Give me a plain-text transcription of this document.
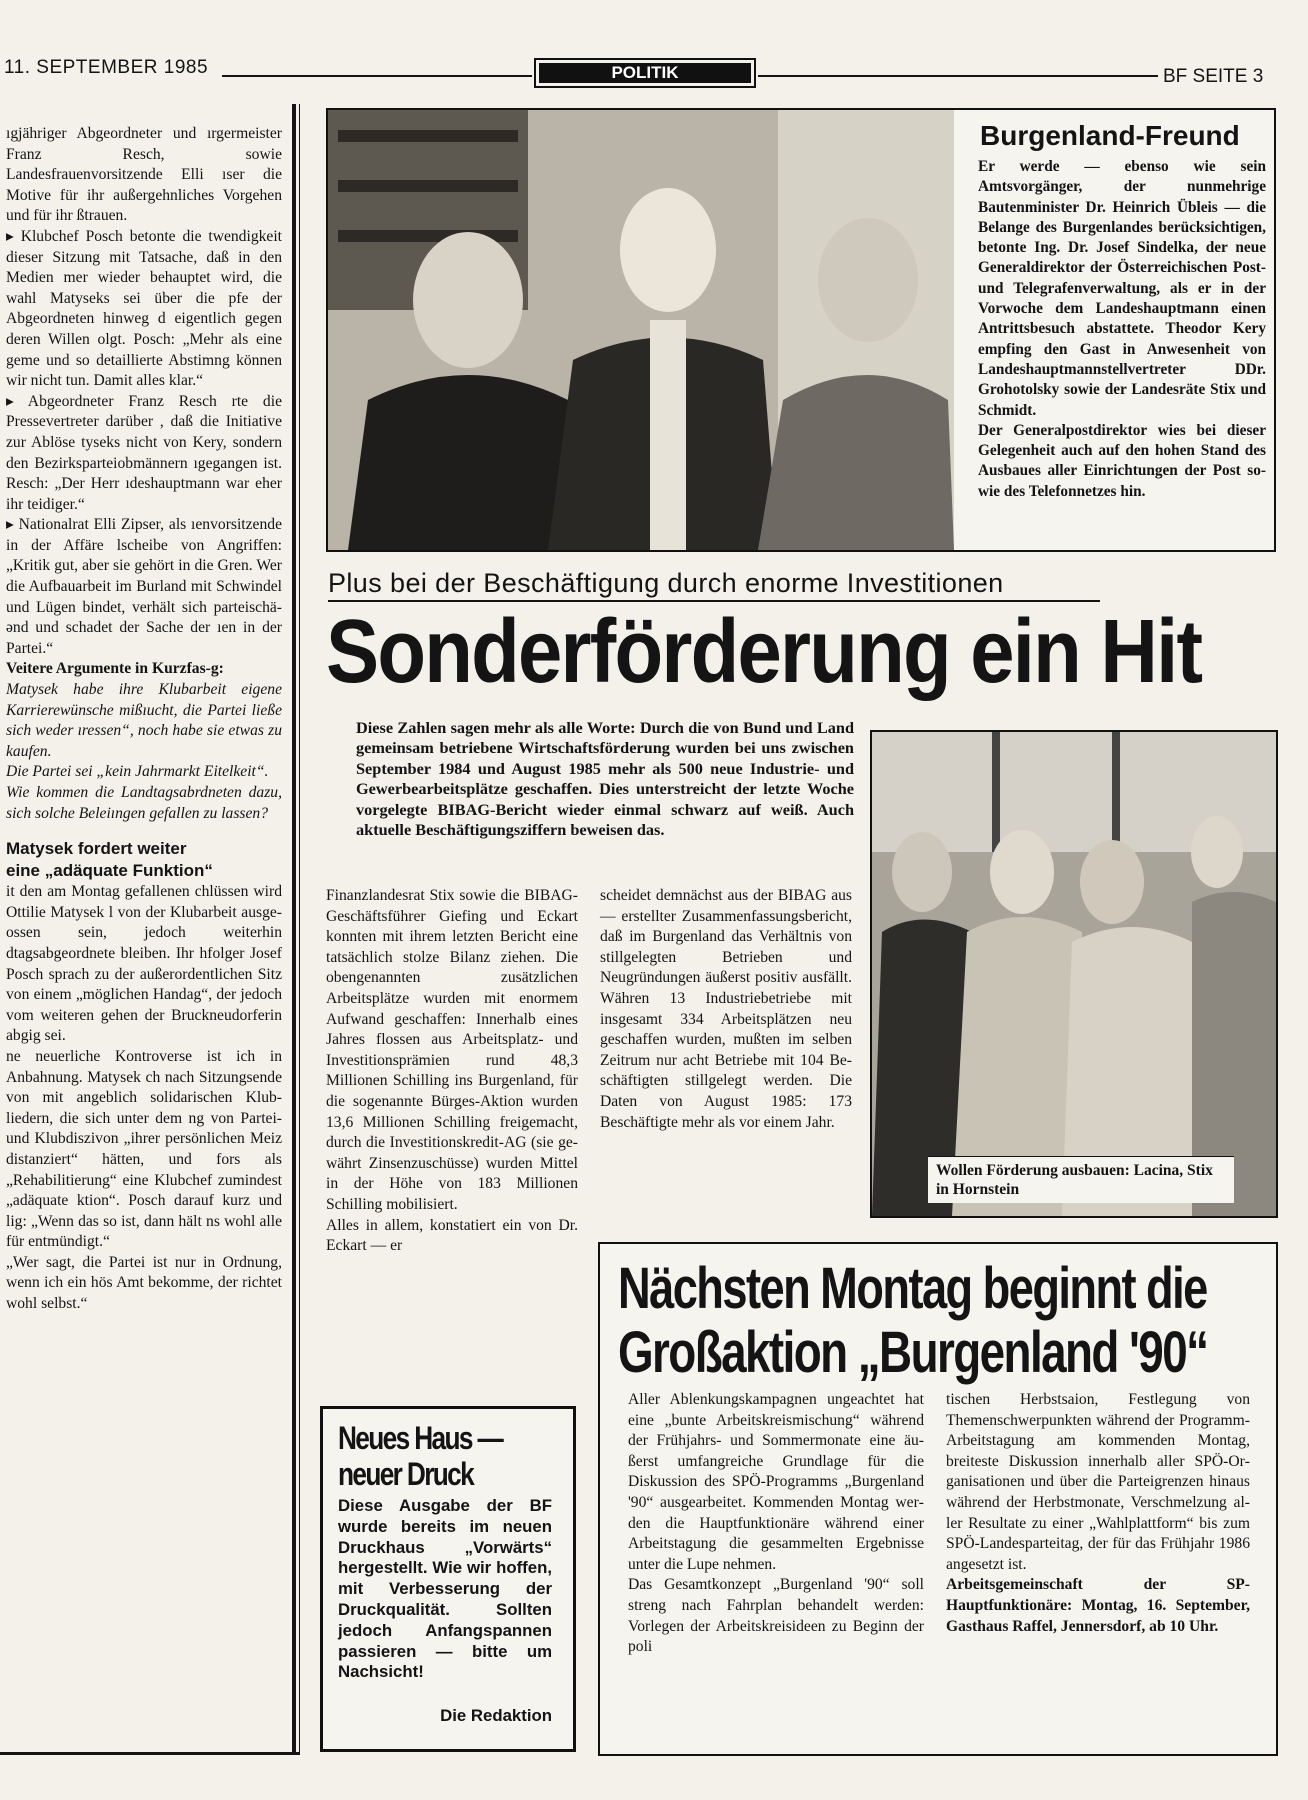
11. SEPTEMBER 1985	POLITIK	BF SEITE 3

ıgjähriger Abgeordneter und ırgermeister Franz Resch, sowie Landesfrauenvorsitzende Elli ıser die Motive für ihr außergehnliches Vorgehen und für ihr ßtrauen.

▸ Klubchef Posch betonte die twendigkeit dieser Sitzung mit Tatsache, daß in den Medien mer wieder behauptet wird, die wahl Matyseks sei über die pfe der Abgeordneten hinweg d eigentlich gegen deren Willen olgt. Posch: „Mehr als eine geme und so detaillierte Abstimng können wir nicht tun. Damit alles klar.“

▸ Abgeordneter Franz Resch rte die Pressevertreter darüber , daß die Initiative zur Ablöse tyseks nicht von Kery, sondern den Bezirksparteiobmännern ıgegangen ist. Resch: „Der Herr ıdeshauptmann war eher ihr teidiger.“

▸ Nationalrat Elli Zipser, als ıenvorsitzende in der Affäre lscheibe von Angriffen: „Kritik gut, aber sie gehört in die Gren. Wer die Aufbauarbeit im Burland mit Schwindel und Lügen bindet, verhält sich parteischäǝnd und schadet der Sache der ıen in der Partei.“

Veitere Argumente in Kurzfas-g:

Matysek habe ihre Klubarbeit eigene Karrierewünsche mißıucht, die Partei ließe sich weder ıressen“, noch habe sie etwas zu kaufen.

Die Partei sei „kein Jahrmarkt Eitelkeit“.

Wie kommen die Landtagsabrdneten dazu, sich solche Beleiıngen gefallen zu lassen?

Matysek fordert weiter

eine „adäquate Funktion“

it den am Montag gefallenen chlüssen wird Ottilie Matysek l von der Klubarbeit ausgeossen sein, jedoch weiterhin dtagsabgeordnete bleiben. Ihr hfolger Josef Posch sprach zu der außerordentlichen Sitz von einem „möglichen Handag“, der jedoch vom weiteren gehen der Bruckneudorferin abgig sei.

ne neuerliche Kontroverse ist ich in Anbahnung. Matysek ch nach Sitzungsende von mit angeblich solidarischen Klubliedern, die sich unter dem ng von Partei- und Klubdiszivon „ihrer persönlichen Meiz distanziert“ hätten, und fors als „Rehabilitierung“ eine Klubchef zumindest „adäquate ktion“. Posch darauf kurz und lig: „Wenn das so ist, dann hält ns wohl alle für entmündigt.“

„Wer sagt, die Partei ist nur in Ordnung, wenn ich ein hös Amt bekomme, der richtet wohl selbst.“

Burgenland-Freund

Er werde — ebenso wie sein Amtsvorgänger, der nunmehrige Bautenminister Dr. Heinrich Übleis — die Belange des Burgenlandes berücksichtigen, betonte Ing. Dr. Josef Sindelka, der neue Generaldirektor der Österreichischen Post- und Telegrafenverwaltung, als er in der Vorwoche dem Landeshauptmann einen Antrittsbesuch abstattete. Theodor Kery empfing den Gast in Anwesenheit von Landeshauptmannstellvertreter DDr. Grohotolsky sowie der Landesräte Stix und Schmidt.

Der Generalpostdirektor wies bei dieser Gelegenheit auch auf den hohen Stand des Ausbaues aller Einrichtungen der Post sowie des Telefonnetzes hin.

Plus bei der Beschäftigung durch enorme Investitionen
Sonderförderung ein Hit
Diese Zahlen sagen mehr als alle Worte: Durch die von Bund und Land gemeinsam betriebene Wirtschaftsförderung wurden bei uns zwischen September 1984 und August 1985 mehr als 500 neue Industrie- und Gewerbearbeitsplätze geschaffen. Dies unterstreicht der letzte Woche vorgelegte BIBAG-Bericht wieder einmal schwarz auf weiß. Auch aktuelle Beschäftigungsziffern beweisen das.

Finanzlandesrat Stix sowie die BIBAG-Geschäftsführer Giefing und Eckart konnten mit ihrem letzten Bericht eine tatsächlich stolze Bilanz ziehen. Die obengenannten zusätzlichen Arbeitsplätze wurden mit enormem Aufwand geschaffen: Innerhalb eines Jahres flossen aus Arbeitsplatz- und Investitionsprämien rund 48,3 Millionen Schilling ins Burgenland, für die sogenannte Bürges-Aktion wurden 13,6 Millionen Schilling freigemacht, durch die Investitionskredit-AG (sie gewährt Zinsenzuschüsse) wurden Mittel in der Höhe von 183 Millionen Schilling mobilisiert.

Alles in allem, konstatiert ein von Dr. Eckart — er

scheidet demnächst aus der BIBAG aus — erstellter Zusammenfassungsbericht, daß im Burgenland das Verhältnis von stillgelegten Betrieben und Neugründungen äußerst positiv ausfällt. Währen 13 Industriebetriebe mit insgesamt 334 Arbeitsplätzen neu geschaffen wurden, mußten im selben Zeitrum nur acht Betriebe mit 104 Beschäftigten stillgelegt werden. Die Daten von August 1985: 173 Beschäftigte mehr als vor einem Jahr.

Wollen Förderung ausbauen: Lacina, Stix in Hornstein
Nächsten Montag beginnt die
Großaktion „Burgenland '90“

Aller Ablenkungskampagnen ungeachtet hat eine „bunte Arbeitskreismischung“ während der Frühjahrs- und Sommermonate eine äußerst umfangreiche Grundlage für die Diskussion des SPÖ-Programms „Burgenland '90“ ausgearbeitet. Kommenden Montag werden die Hauptfunktionäre während einer Arbeitstagung die gesammelten Ergebnisse unter die Lupe nehmen.

Das Gesamtkonzept „Burgenland '90“ soll streng nach Fahrplan behandelt werden: Vorlegen der Arbeitskreisideen zu Beginn der poli

tischen Herbstsaion, Festlegung von Themenschwerpunkten während der Programm-Arbeitstagung am kommenden Montag, breiteste Diskussion innerhalb aller SPÖ-Organisationen und über die Parteigrenzen hinaus während der Herbstmonate, Verschmelzung aller Resultate zu einer „Wahlplattform“ bis zum SPÖ-Landesparteitag, der für das Frühjahr 1986 angesetzt ist.

Arbeitsgemeinschaft der SP-Hauptfunktionäre: Montag, 16. September, Gasthaus Raffel, Jennersdorf, ab 10 Uhr.

Neues Haus —
neuer Druck
Diese Ausgabe der BF wurde bereits im neuen Druckhaus „Vorwärts“ hergestellt. Wie wir hoffen, mit Verbesserung der Druckqualität. Sollten jedoch Anfangspannen passieren — bitte um Nachsicht!
Die Redaktion
